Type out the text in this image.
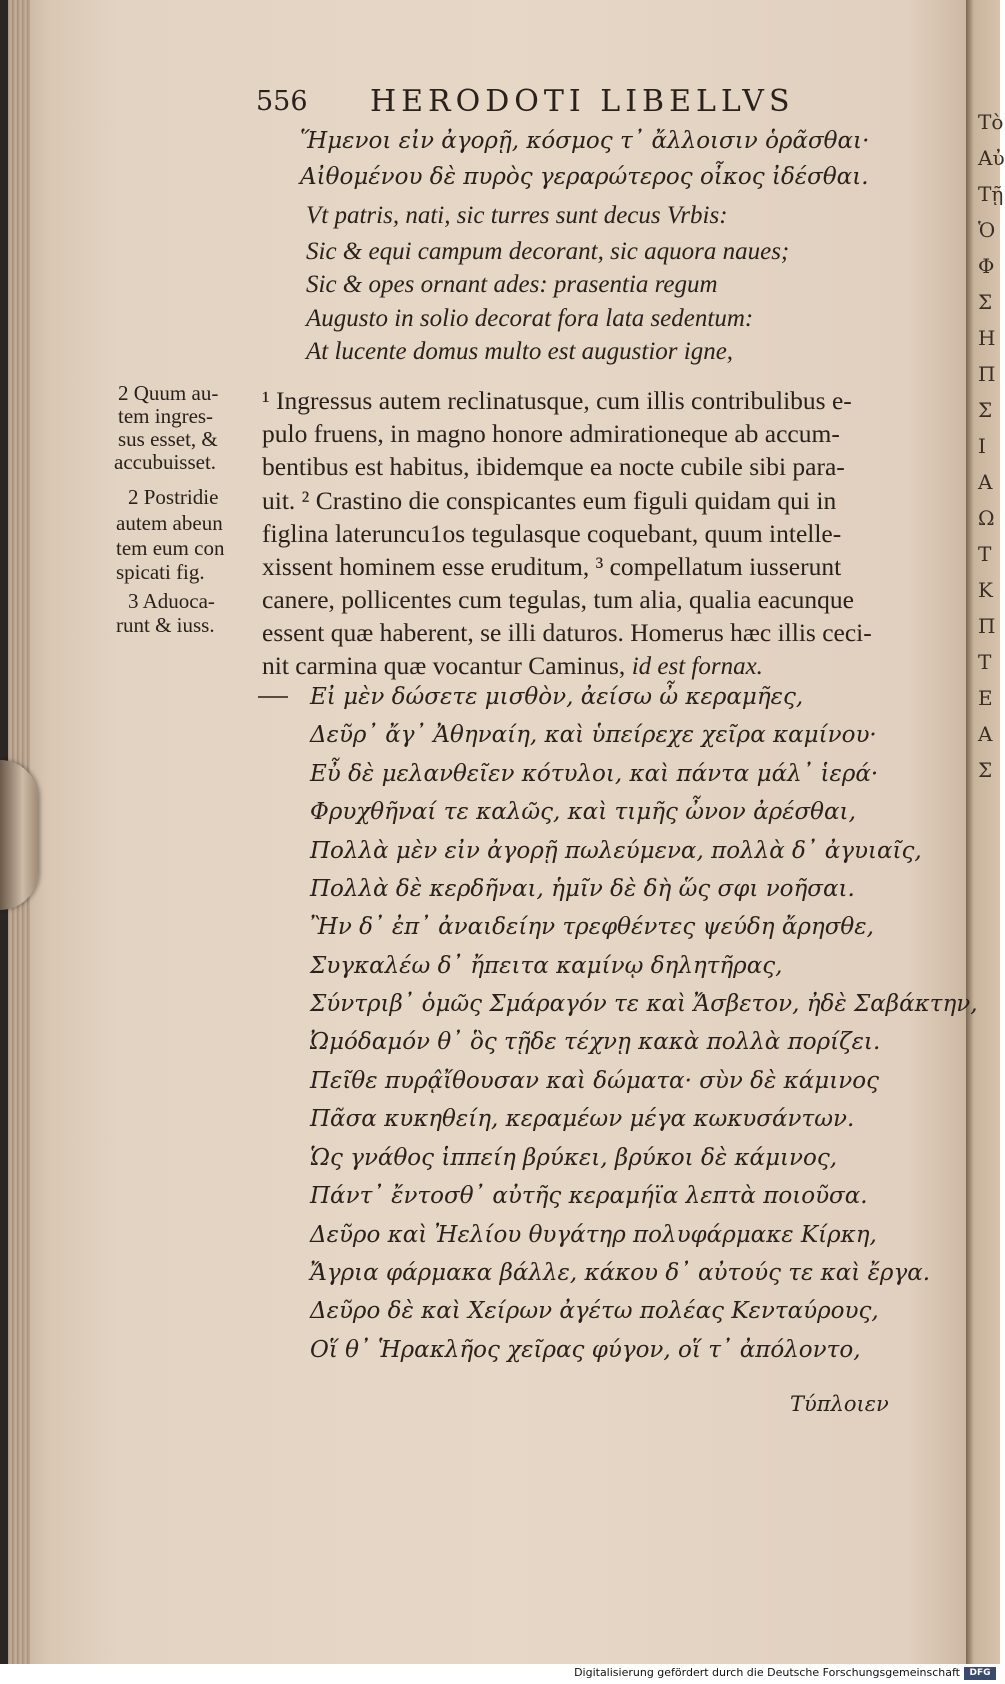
Τὸ
Αὐ
Τῇ
Ὁ
Φ
Σ
Η
Π
Σ
Ι
Α
Ω
Τ
Κ
Π
Τ
Ε
Α
Σ
556 HERODOTI LIBELLVS
Ἥμενοι εἰν ἀγορῇ, κόσμος τ᾿ ἄλλοισιν ὁρᾶσθαι·
Αἰθομένου δὲ πυρὸς γεραρώτερος οἶκος ἰδέσθαι.
Vt patris, nati, sic turres sunt decus Vrbis:
Sic & equi campum decorant, sic aquora naues;
Sic & opes ornant ades: prasentia regum
Augusto in solio decorat fora lata sedentum:
At lucente domus multo est augustior igne,
2 Quum au-
tem ingres-
sus esset, &
accubuisset.
2 Postridie
autem abeun
tem eum con
spicati fig.
3 Aduoca-
runt & iuss.
¹ Ingressus autem reclinatusque, cum illis contribulibus e-
pulo fruens, in magno honore admirationeque ab accum-
bentibus est habitus, ibidemque ea nocte cubile sibi para-
uit. ² Crastino die conspicantes eum figuli quidam qui in
figlina lateruncu1os tegulasque coquebant, quum intelle-
xissent hominem esse eruditum, ³ compellatum iusserunt
canere, pollicentes cum tegulas, tum alia, qualia eacunque
essent quæ haberent, se illi daturos. Homerus hæc illis ceci-
nit carmina quæ vocantur Caminus, id est fornax.
Εἰ μὲν δώσετε μισθὸν, ἀείσω ὦ κεραμῆες,
Δεῦρ᾿ ἄγ᾿ Ἀθηναίη, καὶ ὑπείρεχε χεῖρα καμίνου·
Εὖ δὲ μελανθεῖεν κότυλοι, καὶ πάντα μάλ᾿ ἱερά·
Φρυχθῆναί τε καλῶς, καὶ τιμῆς ὦνον ἀρέσθαι,
Πολλὰ μὲν εἰν ἀγορῇ πωλεύμενα, πολλὰ δ᾿ ἀγυιαῖς,
Πολλὰ δὲ κερδῆναι, ἡμῖν δὲ δὴ ὥς σφι νοῆσαι.
Ἢν δ᾿ ἐπ᾿ ἀναιδείην τρεφθέντες ψεύδη ἄρησθε,
Συγκαλέω δ᾿ ἤπειτα καμίνῳ δηλητῆρας,
Σύντριβ᾿ ὁμῶς Σμάραγόν τε καὶ Ἄσβετον, ἠδὲ Σαβάκτην,
Ὠμόδαμόν θ᾿ ὃς τῇδε τέχνῃ κακὰ πολλὰ πορίζει.
Πεῖθε πυρᾳ̂ἴθουσαν καὶ δώματα· σὺν δὲ κάμινος
Πᾶσα κυκηθείη, κεραμέων μέγα κωκυσάντων.
Ὡς γνάθος ἱππείη βρύκει, βρύκοι δὲ κάμινος,
Πάντ᾿ ἔντοσθ᾿ αὐτῆς κεραμήϊα λεπτὰ ποιοῦσα.
Δεῦρο καὶ Ἠελίου θυγάτηρ πολυφάρμακε Κίρκη,
Ἄγρια φάρμακα βάλλε, κάκου δ᾿ αὐτούς τε καὶ ἔργα.
Δεῦρο δὲ καὶ Χείρων ἀγέτω πολέας Κενταύρους,
Οἵ θ᾿ Ἡρακλῆος χεῖρας φύγον, οἵ τ᾿ ἀπόλοντο,
Τύπλοιεν
Digitalisierung gefördert durch die Deutsche Forschungsgemeinschaft	DFG
